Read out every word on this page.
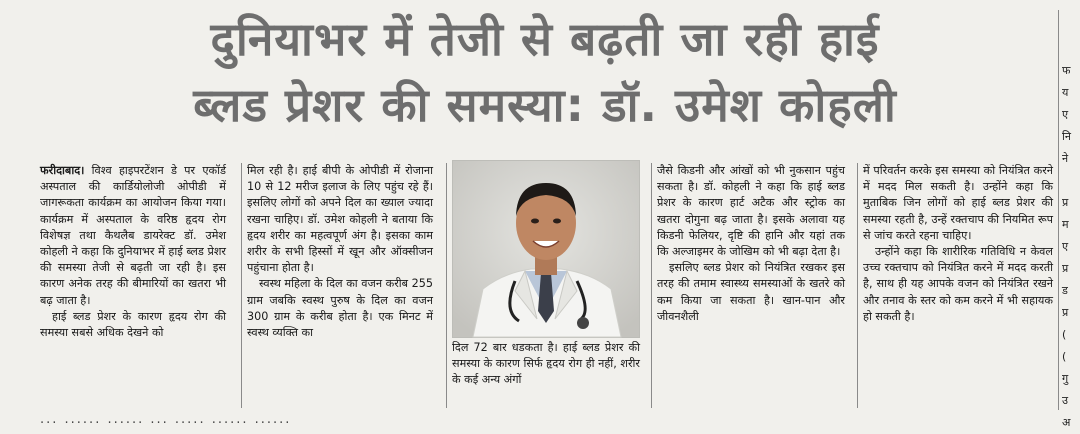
दुनियाभर में तेजी से बढ़ती जा रही हाई
ब्लड प्रेशर की समस्या: डॉ. उमेश कोहली

फरीदाबाद। विश्व हाइपरटेंशन डे पर एकॉर्ड अस्पताल की कार्डियोलोजी ओपीडी में जागरूकता कार्यक्रम का आयोजन किया गया। कार्यक्रम में अस्पताल के वरिष्ठ हृदय रोग विशेषज्ञ तथा कैथलैब डायरेक्ट डॉ. उमेश कोहली ने कहा कि दुनियाभर में हाई ब्लड प्रेशर की समस्या तेजी से बढ़ती जा रही है। इस कारण अनेक तरह की बीमारियों का खतरा भी बढ़ जाता है।

हाई ब्लड प्रेशर के कारण हृदय रोग की समस्या सबसे अधिक देखने को

मिल रही है। हाई बीपी के ओपीडी में रोजाना 10 से 12 मरीज इलाज के लिए पहुंच रहे हैं। इसलिए लोगों को अपने दिल का ख्याल ज्यादा रखना चाहिए। डॉ. उमेश कोहली ने बताया कि हृदय शरीर का महत्वपूर्ण अंग है। इसका काम शरीर के सभी हिस्सों में खून और ऑक्सीजन पहुंचाना होता है।

स्वस्थ महिला के दिल का वजन करीब 255 ग्राम जबकि स्वस्थ पुरुष के दिल का वजन 300 ग्राम के करीब होता है। एक मिनट में स्वस्थ व्यक्ति का

दिल 72 बार धडकता है। हाई ब्लड प्रेशर की समस्या के कारण सिर्फ हृदय रोग ही नहीं, शरीर के कई अन्य अंगों

जैसे किडनी और आंखों को भी नुकसान पहुंच सकता है। डॉ. कोहली ने कहा कि हाई ब्लड प्रेशर के कारण हार्ट अटैक और स्ट्रोक का खतरा दोगुना बढ़ जाता है। इसके अलावा यह किडनी फेलियर, दृष्टि की हानि और यहां तक कि अल्जाइमर के जोखिम को भी बढ़ा देता है।

इसलिए ब्लड प्रेशर को नियंत्रित रखकर इस तरह की तमाम स्वास्थ्य समस्याओं के खतरे को कम किया जा सकता है। खान-पान और जीवनशैली

में परिवर्तन करके इस समस्या को नियंत्रित करने में मदद मिल सकती है। उन्होंने कहा कि मुताबिक जिन लोगों को हाई ब्लड प्रेशर की समस्या रहती है, उन्हें रक्तचाप की नियमित रूप से जांच करते रहना चाहिए।

उन्होंने कहा कि शारीरिक गतिविधि न केवल उच्च रक्तचाप को नियंत्रित करने में मदद करती है, साथ ही यह आपके वजन को नियंत्रित रखने और तनाव के स्तर को कम करने में भी सहायक हो सकती है।

फ
य
ए
नि
ने

प्र
म
ए
प्र
ड
प्र
(
(
गु
उ
अ
... ...... ...... ... ..... ...... ......
